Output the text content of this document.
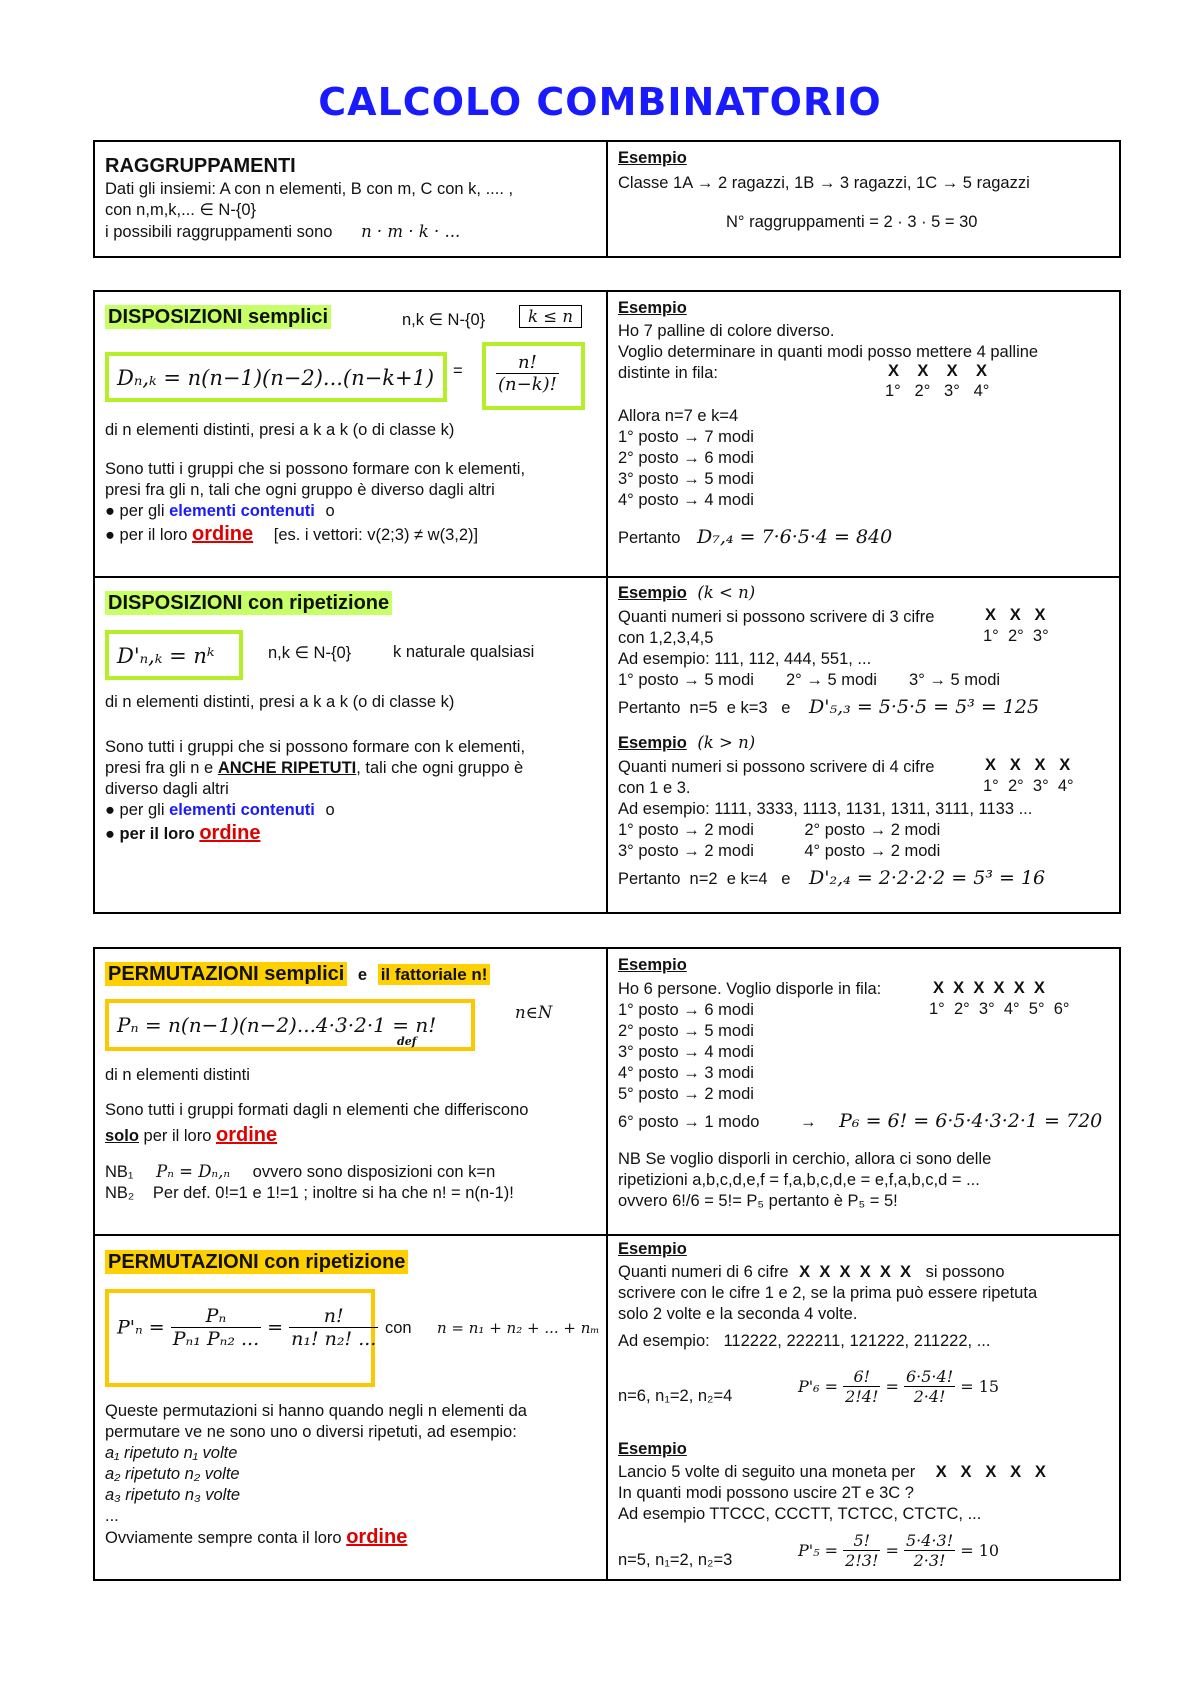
CALCOLO COMBINATORIO

RAGGRUPPAMENTI

Dati gli insiemi: A con n elementi, B con m, C con k, .... ,

con n,m,k,... ∈ N-{0}

i possibili raggruppamenti sono n · m · k · ...

Esempio

Classe 1A → 2 ragazzi, 1B → 3 ragazzi, 1C → 5 ragazzi

N° raggruppamenti = 2 · 3 · 5 = 30

DISPOSIZIONI semplici	n,k ∈ N-{0}	k ≤ n
$D_n,_k = n(n-1)(n-2)...(n-k+1) = \frac{n!}{(n-k)!}$

di n elementi distinti, presi a k a k (o di classe k)

Sono tutti i gruppi che si possono formare con k elementi,

presi fra gli n, tali che ogni gruppo è diverso dagli altri

● per gli elementi contenuti o

● per il loro ordine [es. i vettori: v(2;3) ≠ w(3,2)]

Esempio

Ho 7 palline di colore diverso.

Voglio determinare in quanti modi posso mettere 4 palline

distinte in fila:	X    X    X    X
1°   2°   3°   4°

Allora n=7 e k=4

1° posto → 7 modi

2° posto → 6 modi

3° posto → 5 modi

4° posto → 4 modi

Pertanto D₇,₄ = 7·6·5·4 = 840

DISPOSIZIONI con ripetizione
D'ₙ,ₖ = nᵏ	n,k ∈ N-{0}	k naturale qualsiasi

di n elementi distinti, presi a k a k (o di classe k)

Sono tutti i gruppi che si possono formare con k elementi,

presi fra gli n e ANCHE RIPETUTI, tali che ogni gruppo è

diverso dagli altri

● per gli elementi contenuti o

● per il loro ordine

Esempio (k < n)

Quanti numeri si possono scrivere di 3 cifre

con 1,2,3,4,5

Ad esempio: 111, 112, 444, 551, ...

1° posto → 5 modi       2° → 5 modi       3° → 5 modi

Pertanto  n=5  e k=3   e D'₅,₃ = 5·5·5 = 5³ = 125

X   X   X
1°  2°  3°

Esempio (k > n)

Quanti numeri si possono scrivere di 4 cifre

con 1 e 3.

Ad esempio: 1111, 3333, 1113, 1131, 1311, 3111, 1133 ...

1° posto → 2 modi           2° posto → 2 modi

3° posto → 2 modi           4° posto → 2 modi

Pertanto  n=2  e k=4   e D'₂,₄ = 2·2·2·2 = 5³ = 16

X   X   X   X
1°  2°  3°  4°
PERMUTAZIONI semplici e il fattoriale n!
Pₙ = n(n−1)(n−2)...4·3·2·1 = n!
def
n∈N

di n elementi distinti

Sono tutti i gruppi formati dagli n elementi che differiscono

solo per il loro ordine

NB₁ Pₙ = Dₙ,ₙ ovvero sono disposizioni con k=n

NB₂ Per def. 0!=1 e 1!=1 ; inoltre si ha che n! = n(n-1)!

Esempio

Ho 6 persone. Voglio disporle in fila:

1° posto → 6 modi

2° posto → 5 modi

3° posto → 4 modi

4° posto → 3 modi

5° posto → 2 modi

6° posto → 1 modo → P₆ = 6! = 6·5·4·3·2·1 = 720

NB Se voglio disporli in cerchio, allora ci sono delle

ripetizioni a,b,c,d,e,f = f,a,b,c,d,e = e,f,a,b,c,d = ...

ovvero 6!/6 = 5!= P₅ pertanto è P₅ = 5!

X  X  X  X  X  X
1°  2°  3°  4°  5°  6°
PERMUTAZIONI con ripetizione
$P'_n = \frac{\text{Pₙ}}{\text{Pₙ₁ Pₙ₂ ...}} = \frac{n!}{\text{n₁! n₂! ...}}$ con n = n₁ + n₂ + ... + nₘ

Queste permutazioni si hanno quando negli n elementi da

permutare ve ne sono uno o diversi ripetuti, ad esempio:

a₁ ripetuto n₁ volte

a₂ ripetuto n₂ volte

a₃ ripetuto n₃ volte

...

Ovviamente sempre conta il loro ordine

Esempio

Quanti numeri di 6 cifre X  X  X  X  X  X si possono

scrivere con le cifre 1 e 2, se la prima può essere ripetuta

solo 2 volte e la seconda 4 volte.

Ad esempio:   112222, 222211, 121222, 211222, ...

n=6, n₁=2, n₂=4	$P'_6 = \frac{6!}{2!4!} = \frac{6\cdot 5\cdot 4!}{2\cdot 4!} = 15$

Esempio

Lancio 5 volte di seguito una moneta per X   X   X   X   X

In quanti modi possono uscire 2T e 3C ?

Ad esempio TTCCC, CCCTT, TCTCC, CTCTC, ...

n=5, n₁=2, n₂=3	$P'_5 = \frac{5!}{2!3!} = \frac{5\cdot 4\cdot 3!}{2\cdot 3!} = 10$
